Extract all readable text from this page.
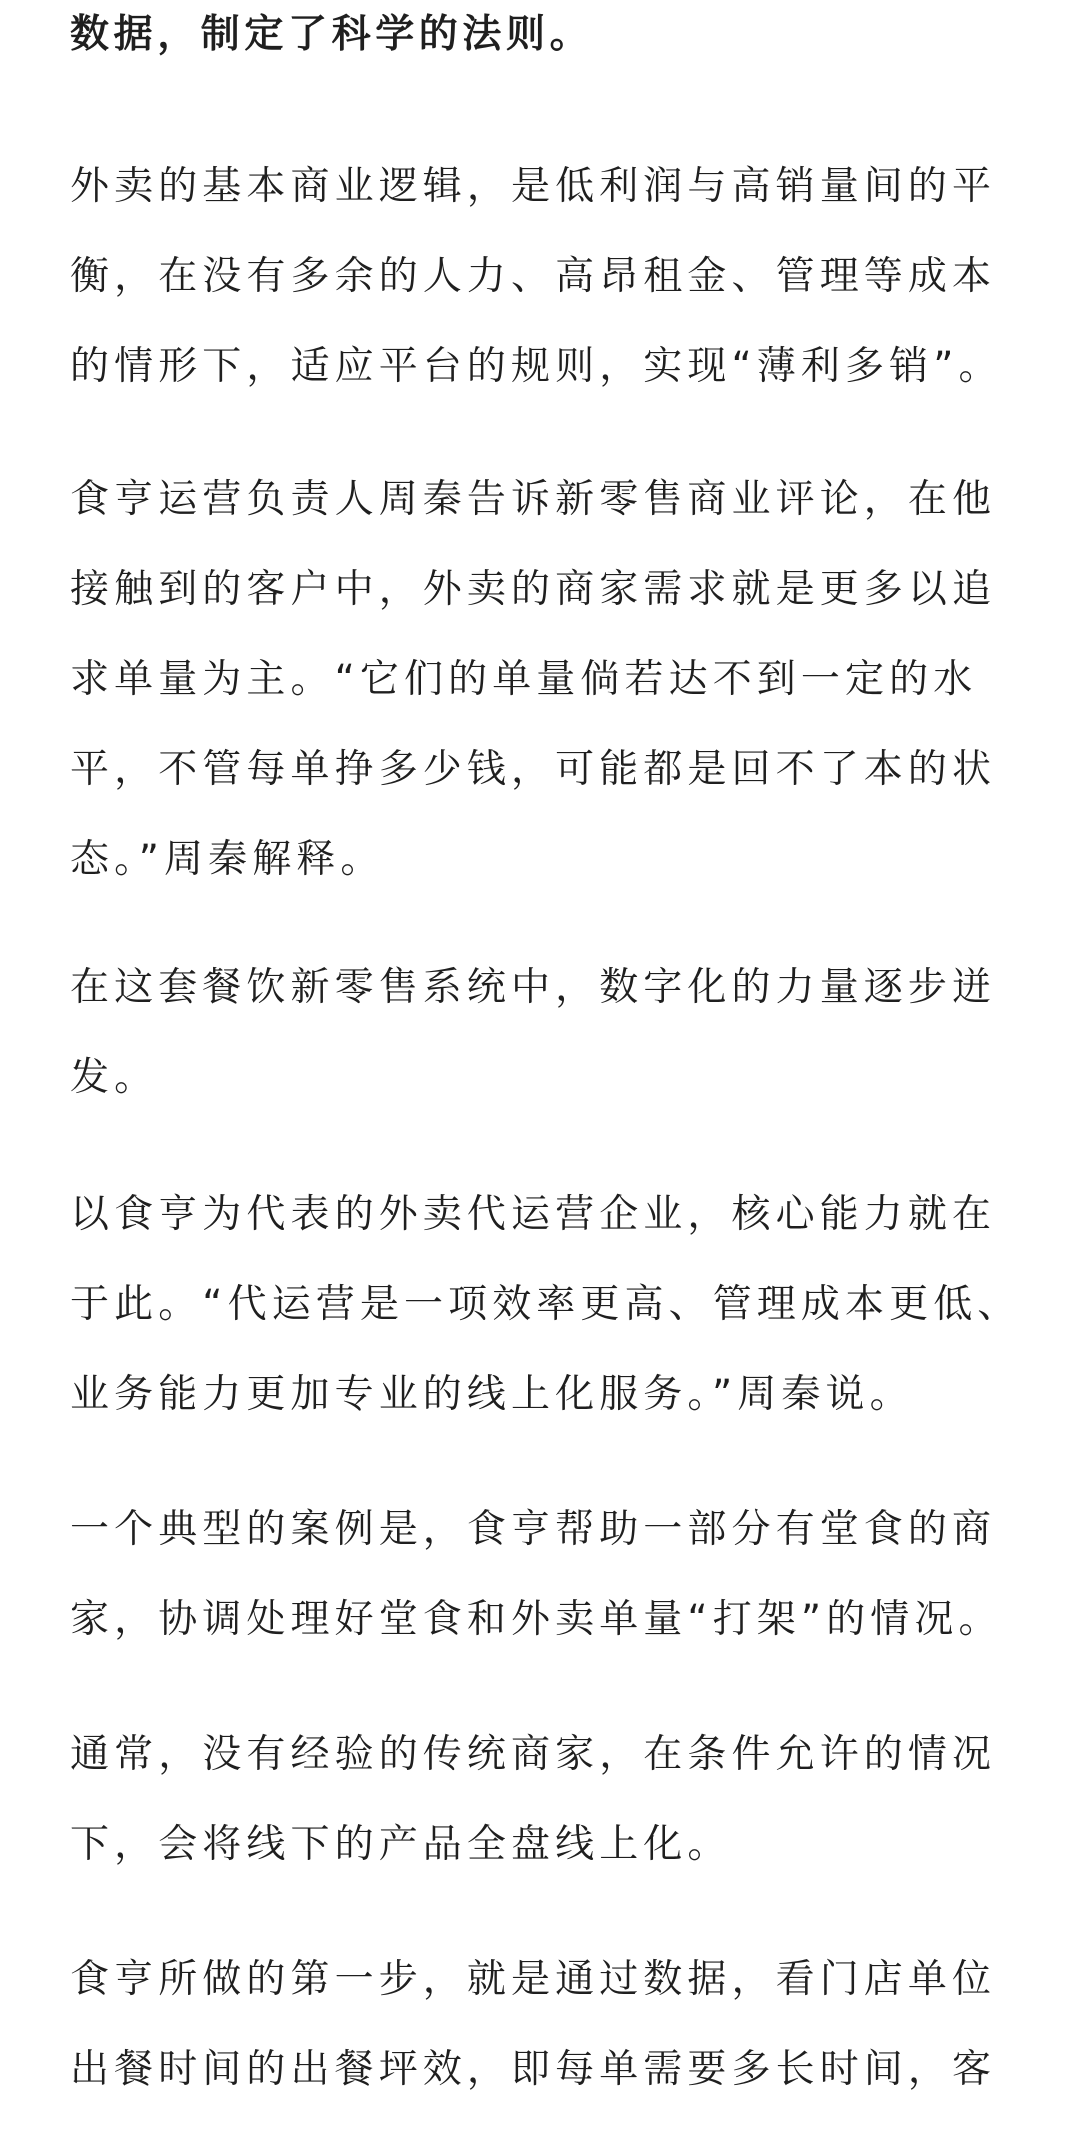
数据，制定了科学的法则。

外卖的基本商业逻辑，是低利润与高销量间的平
衡，在没有多余的人力、高昂租金、管理等成本
的情形下，适应平台的规则，实现“薄利多销”。

食亨运营负责人周秦告诉新零售商业评论，在他
接触到的客户中，外卖的商家需求就是更多以追
求单量为主。“它们的单量倘若达不到一定的水
平，不管每单挣多少钱，可能都是回不了本的状
态。”周秦解释。

在这套餐饮新零售系统中，数字化的力量逐步迸
发。

以食亨为代表的外卖代运营企业，核心能力就在
于此。“代运营是一项效率更高、管理成本更低、
业务能力更加专业的线上化服务。”周秦说。

一个典型的案例是，食亨帮助一部分有堂食的商
家，协调处理好堂食和外卖单量“打架”的情况。

通常，没有经验的传统商家，在条件允许的情况
下，会将线下的产品全盘线上化。

食亨所做的第一步，就是通过数据，看门店单位
出餐时间的出餐坪效，即每单需要多长时间，客
